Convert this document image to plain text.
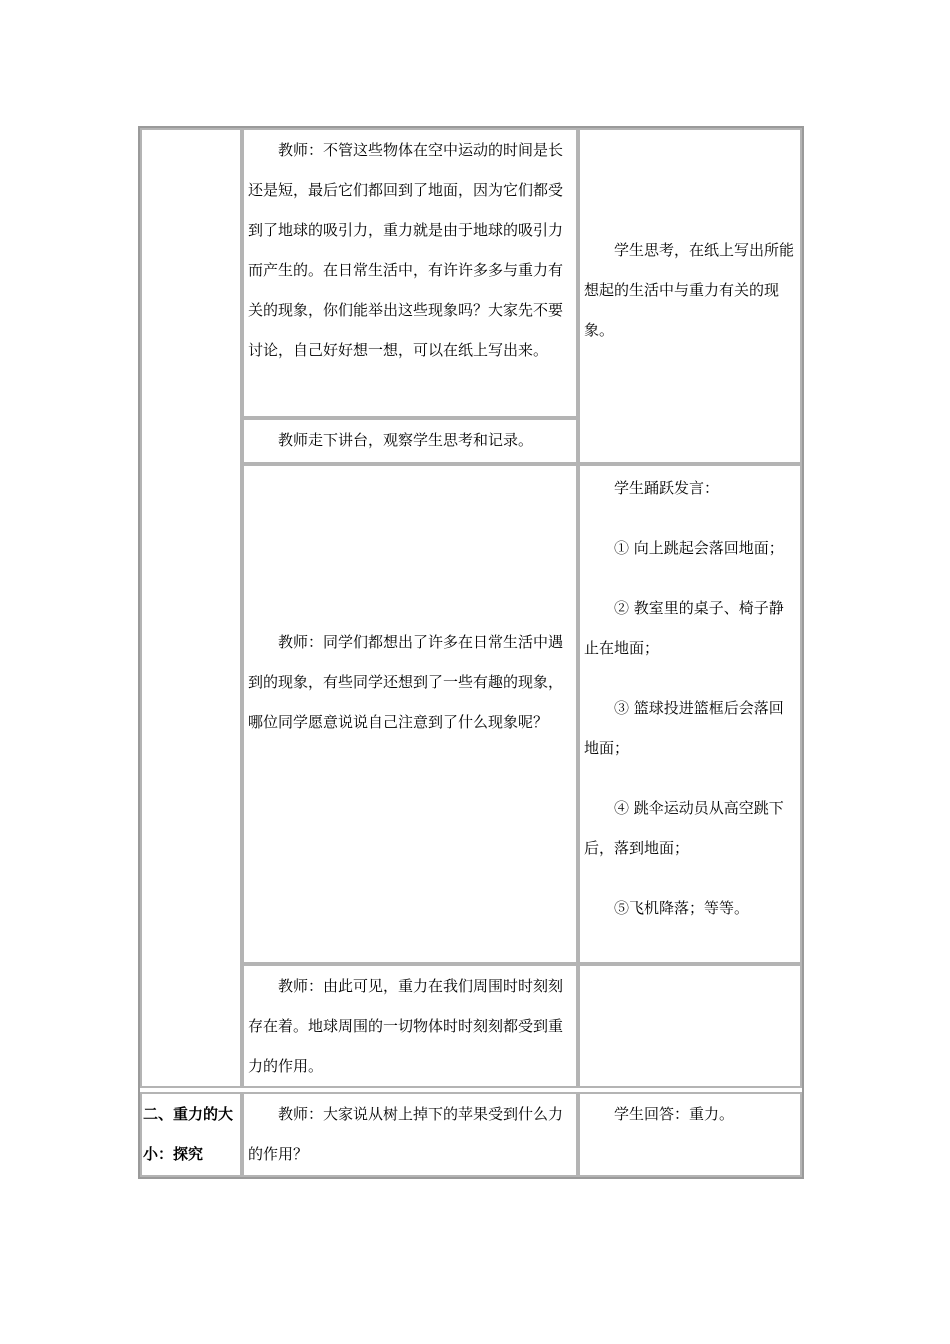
教师：不管这些物体在空中运动的时间是长还是短，最后它们都回到了地面，因为它们都受到了地球的吸引力，重力就是由于地球的吸引力而产生的。在日常生活中，有许许多多与重力有关的现象，你们能举出这些现象吗？大家先不要讨论，自己好好想一想，可以在纸上写出来。

教师走下讲台，观察学生思考和记录。

学生思考，在纸上写出所能想起的生活中与重力有关的现象。

教师：同学们都想出了许多在日常生活中遇到的现象，有些同学还想到了一些有趣的现象，哪位同学愿意说说自己注意到了什么现象呢？

学生踊跃发言：

① 向上跳起会落回地面；

② 教室里的桌子、椅子静止在地面；

③ 篮球投进篮框后会落回地面；

④ 跳伞运动员从高空跳下后，落到地面；

⑤飞机降落；等等。

教师：由此可见，重力在我们周围时时刻刻存在着。地球周围的一切物体时时刻刻都受到重力的作用。

二、重力的大小：探究

教师：大家说从树上掉下的苹果受到什么力的作用？

学生回答：重力。
